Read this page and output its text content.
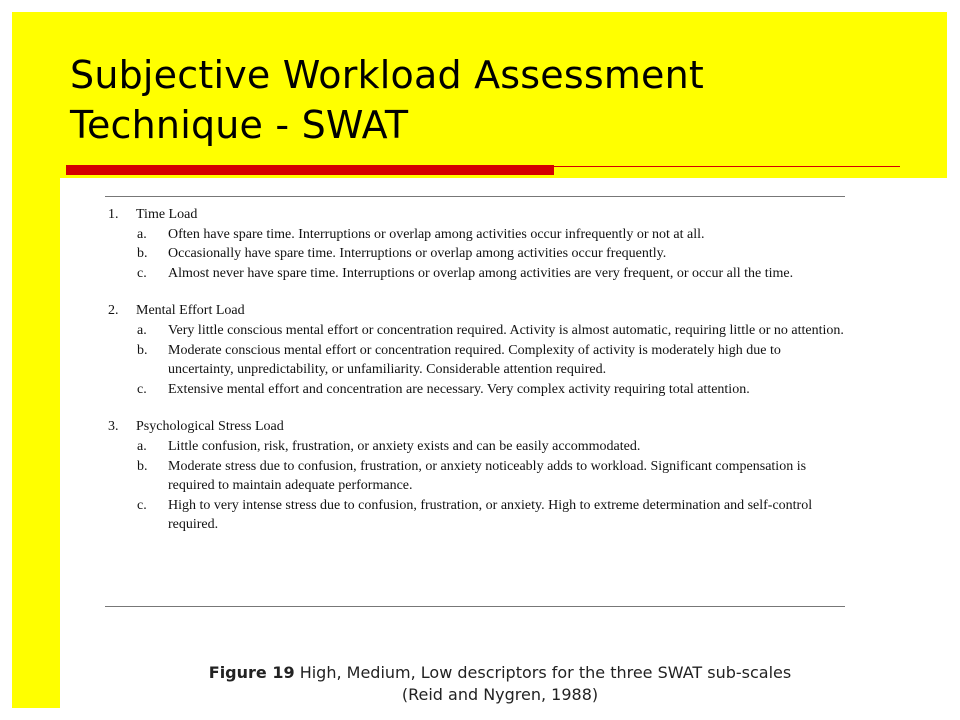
Subjective Workload Assessment
Technique - SWAT
1. Time Load
a. Often have spare time. Interruptions or overlap among activities occur infrequently or not at all.
b. Occasionally have spare time. Interruptions or overlap among activities occur frequently.
c. Almost never have spare time. Interruptions or overlap among activities are very frequent, or occur all the time.
2. Mental Effort Load
a. Very little conscious mental effort or concentration required. Activity is almost automatic, requiring little or no attention.
b. Moderate conscious mental effort or concentration required. Complexity of activity is moderately high due to uncertainty, unpredictability, or unfamiliarity. Considerable attention required.
c. Extensive mental effort and concentration are necessary. Very complex activity requiring total attention.
3. Psychological Stress Load
a. Little confusion, risk, frustration, or anxiety exists and can be easily accommodated.
b. Moderate stress due to confusion, frustration, or anxiety noticeably adds to workload. Significant compensation is required to maintain adequate performance.
c. High to very intense stress due to confusion, frustration, or anxiety. High to extreme determination and self-control required.
Figure 19 High, Medium, Low descriptors for the three SWAT sub-scales
(Reid and Nygren, 1988)
